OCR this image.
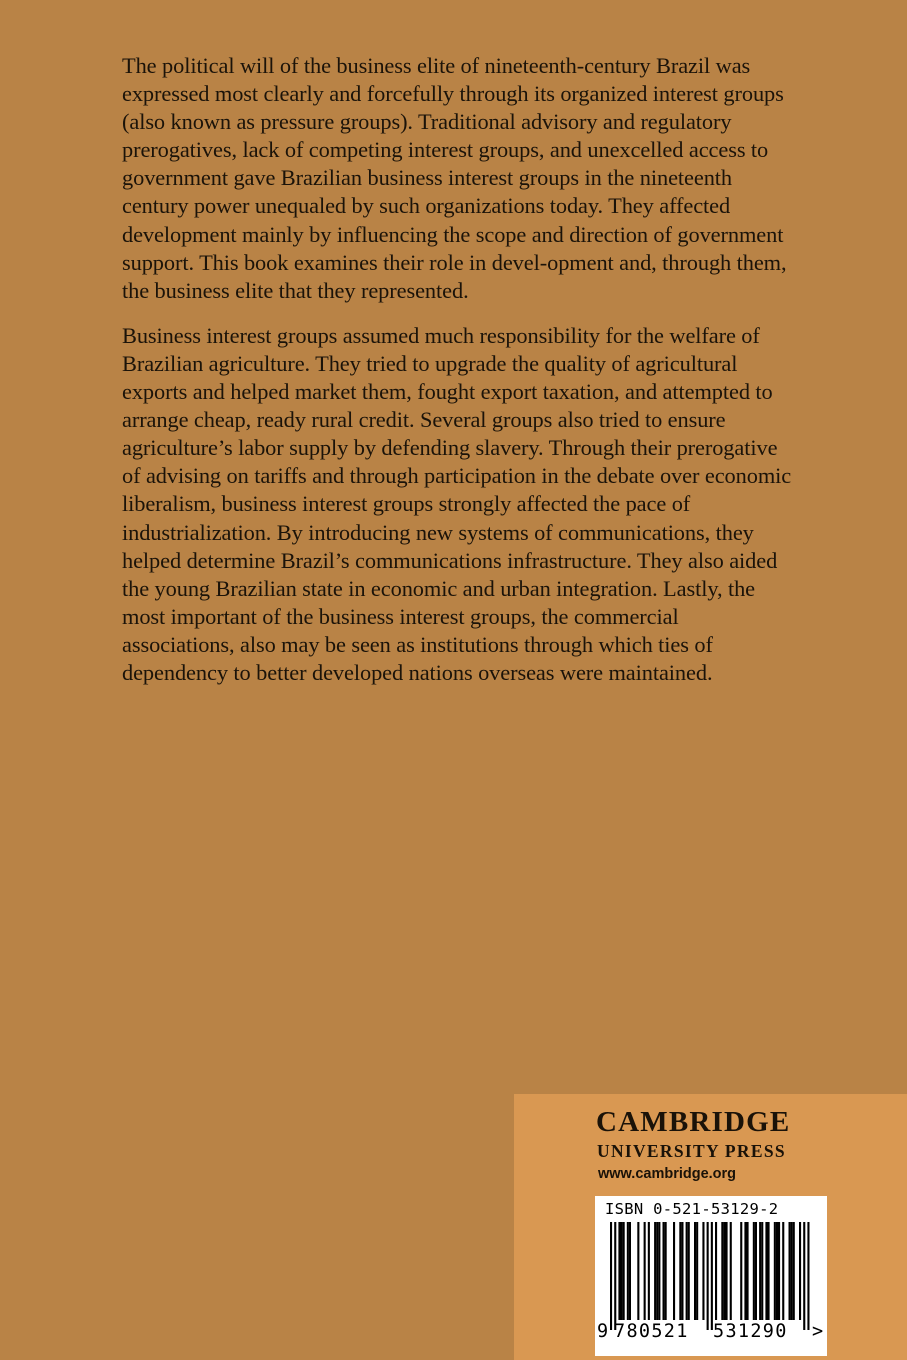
The political will of the business elite of nineteenth-century Brazil was expressed most clearly and forcefully through its organized interest groups (also known as pressure groups). Traditional advisory and regulatory prerogatives, lack of competing interest groups, and unexcelled access to government gave Brazilian business interest groups in the nineteenth century power unequaled by such organizations today. They affected development mainly by influencing the scope and direction of government support. This book examines their role in devel-opment and, through them, the business elite that they represented.

Business interest groups assumed much responsibility for the welfare of Brazilian agriculture. They tried to upgrade the quality of agricultural exports and helped market them, fought export taxation, and attempted to arrange cheap, ready rural credit. Several groups also tried to ensure agriculture’s labor supply by defending slavery. Through their prerogative of advising on tariffs and through participation in the debate over economic liberalism, business interest groups strongly affected the pace of industrialization. By introducing new systems of communications, they helped determine Brazil’s communications infrastructure. They also aided the young Brazilian state in economic and urban integration. Lastly, the most important of the business interest groups, the commercial associations, also may be seen as institutions through which ties of dependency to better developed nations overseas were maintained.

CAMBRIDGE
UNIVERSITY PRESS
www.cambridge.org
ISBN 0-521-53129-2
9 780521 531290 >
